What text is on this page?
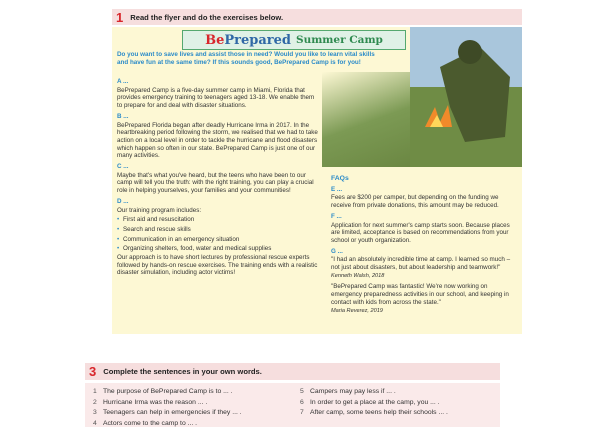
1 Read the flyer and do the exercises below.
Be Prepared Summer Camp
Do you want to save lives and assist those in need? Would you like to learn vital skills and have fun at the same time? If this sounds good, BePrepared Camp is for you!
A ...
BePrepared Camp is a five-day summer camp in Miami, Florida that provides emergency training to teenagers aged 13-18. We enable them to prepare for and deal with disaster situations.
B ...
BePrepared Florida began after deadly Hurricane Irma in 2017. In the heartbreaking period following the storm, we realised that we had to take action on a local level in order to tackle the hurricane and flood disasters which happen so often in our state. BePrepared Camp is just one of our many activities.
C ...
Maybe that's what you've heard, but the teens who have been to our camp will tell you the truth: with the right training, you can play a crucial role in helping yourselves, your families and your communities!
D ...
Our training program includes:
• First aid and resuscitation
• Search and rescue skills
• Communication in an emergency situation
• Organizing shelters, food, water and medical supplies
Our approach is to have short lectures by professional rescue experts followed by hands-on rescue exercises. The training ends with a realistic disaster simulation, including actor victims!
FAQs
E ...
Fees are $200 per camper, but depending on the funding we receive from private donations, this amount may be reduced.
F ...
Application for next summer's camp starts soon. Because places are limited, acceptance is based on recommendations from your school or youth organization.
G ...
"I had an absolutely incredible time at camp. I learned so much – not just about disasters, but about leadership and teamwork!"
Kenneth Walsh, 2018
"BePrepared Camp was fantastic! We're now working on emergency preparedness activities in our school, and keeping in contact with kids from across the state."
Maria Reverez, 2019
3 Complete the sentences in your own words.
1 The purpose of BePrepared Camp is to ... .
2 Hurricane Irma was the reason ... .
3 Teenagers can help in emergencies if they ... .
4 Actors come to the camp to ... .
5 Campers may pay less if ... .
6 In order to get a place at the camp, you ... .
7 After camp, some teens help their schools ... .
